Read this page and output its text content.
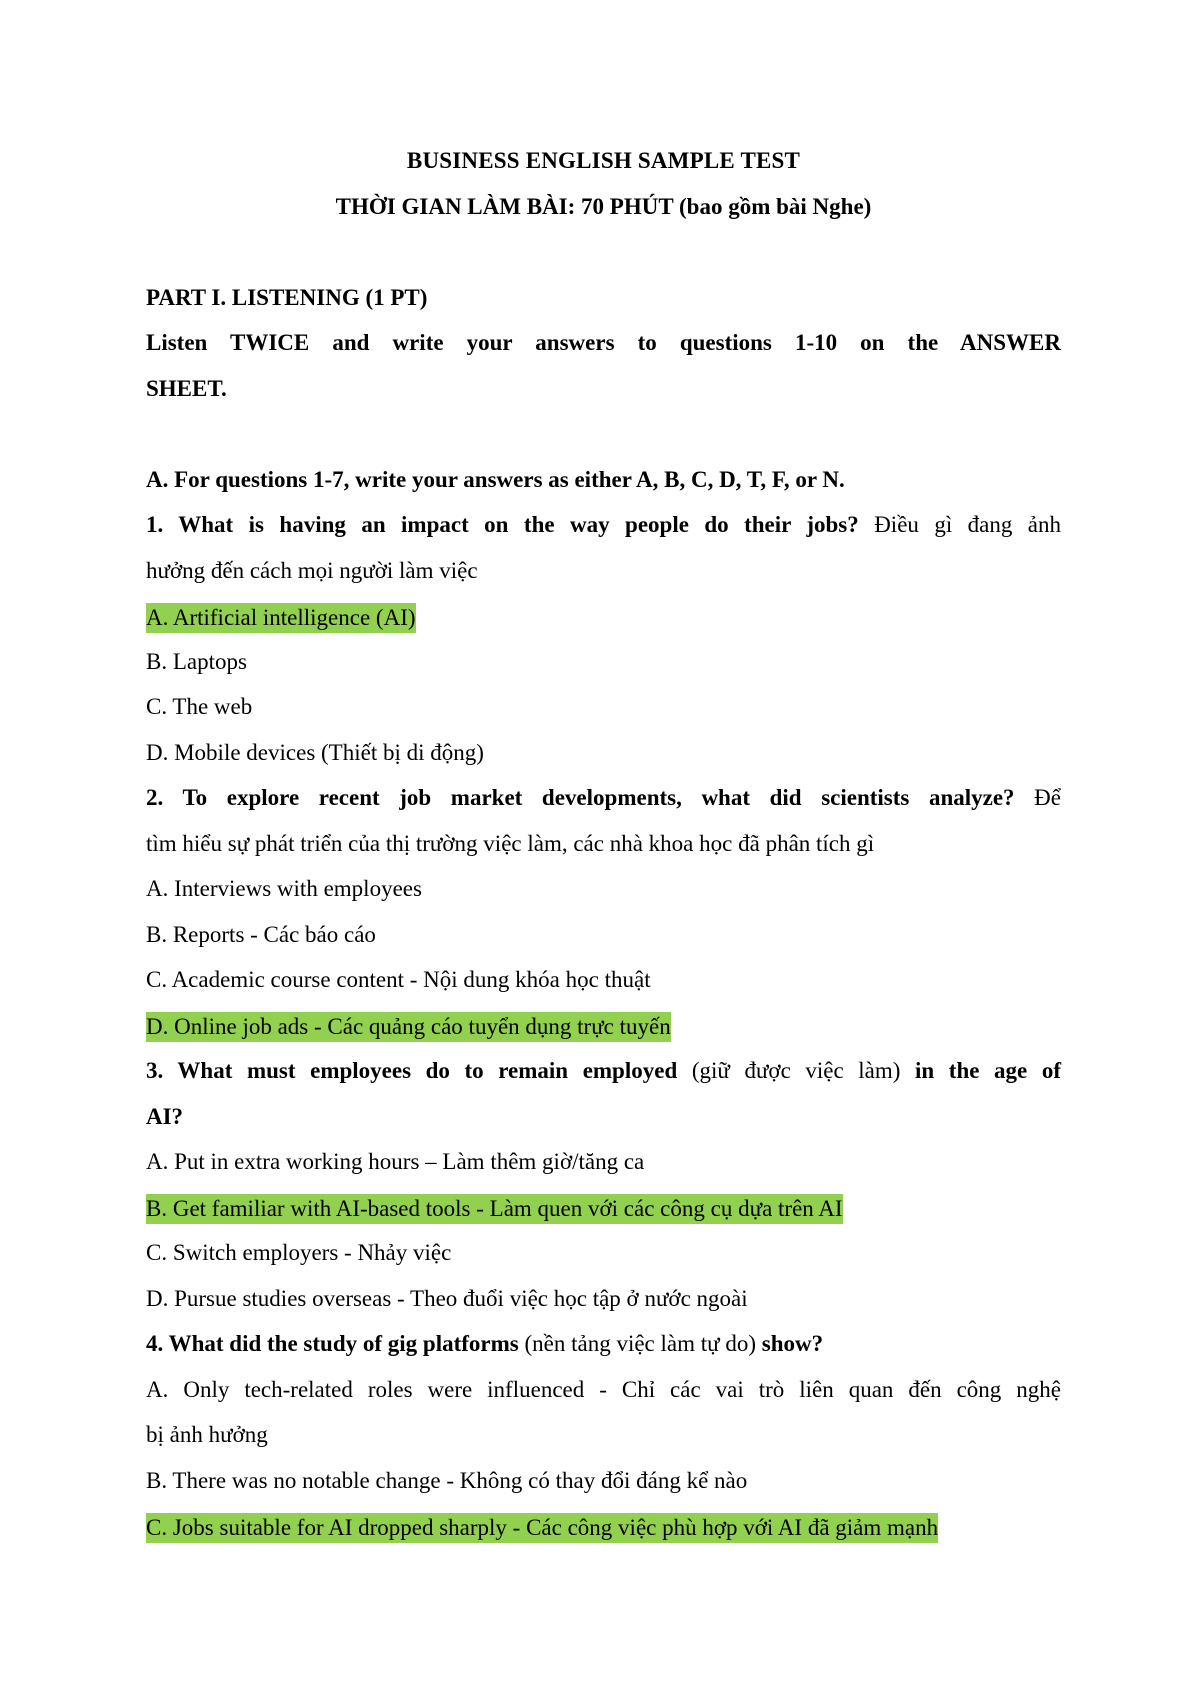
BUSINESS ENGLISH SAMPLE TEST
THỜI GIAN LÀM BÀI: 70 PHÚT (bao gồm bài Nghe)
PART I. LISTENING (1 PT)
Listen TWICE and write your answers to questions 1-10 on the ANSWER
SHEET.
A. For questions 1-7, write your answers as either A, B, C, D, T, F, or N.
1. What is having an impact on the way people do their jobs? Điều gì đang ảnh
hưởng đến cách mọi người làm việc
A. Artificial intelligence (AI)
B. Laptops
C. The web
D. Mobile devices (Thiết bị di động)
2. To explore recent job market developments, what did scientists analyze? Để
tìm hiểu sự phát triển của thị trường việc làm, các nhà khoa học đã phân tích gì
A. Interviews with employees
B. Reports - Các báo cáo
C. Academic course content - Nội dung khóa học thuật
D. Online job ads - Các quảng cáo tuyển dụng trực tuyến
3. What must employees do to remain employed (giữ được việc làm) in the age of
AI?
A. Put in extra working hours – Làm thêm giờ/tăng ca
B. Get familiar with AI-based tools - Làm quen với các công cụ dựa trên AI
C. Switch employers - Nhảy việc
D. Pursue studies overseas - Theo đuổi việc học tập ở nước ngoài
4. What did the study of gig platforms (nền tảng việc làm tự do) show?
A. Only tech-related roles were influenced - Chỉ các vai trò liên quan đến công nghệ
bị ảnh hưởng
B. There was no notable change - Không có thay đổi đáng kể nào
C. Jobs suitable for AI dropped sharply - Các công việc phù hợp với AI đã giảm mạnh
